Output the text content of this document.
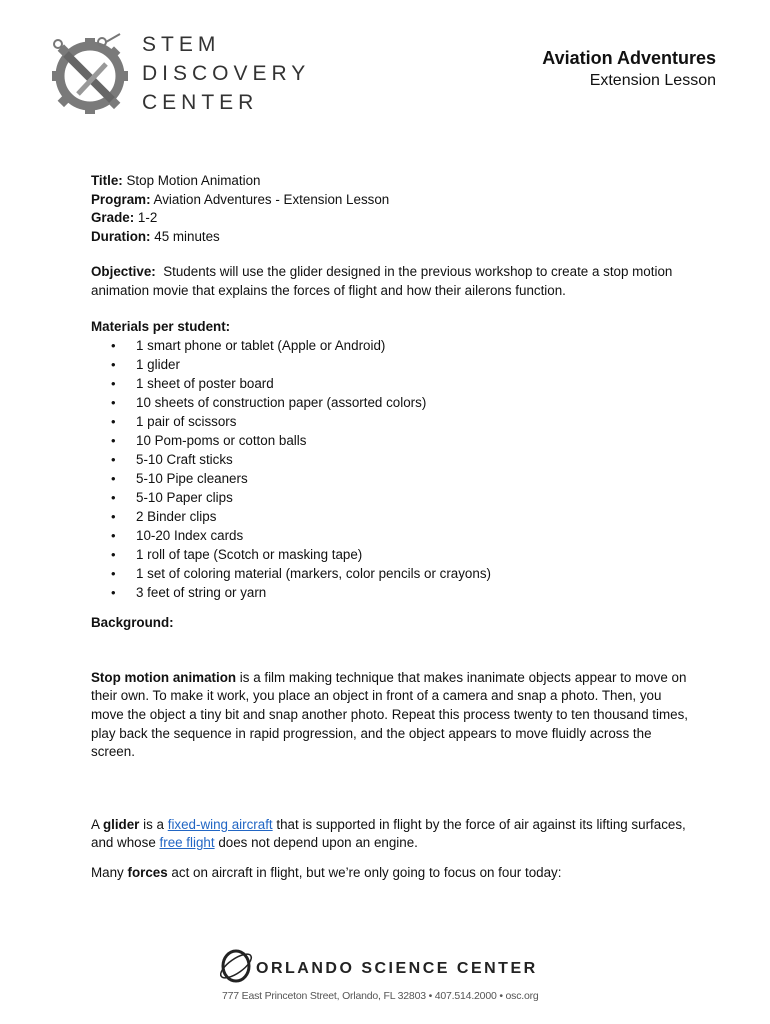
STEM
DISCOVERY
CENTER
Aviation Adventures
Extension Lesson
Title: Stop Motion Animation
Program: Aviation Adventures - Extension Lesson
Grade: 1-2
Duration: 45 minutes

Objective: Students will use the glider designed in the previous workshop to create a stop motion animation movie that explains the forces of flight and how their ailerons function.

Materials per student:
• 1 smart phone or tablet (Apple or Android)
• 1 glider
• 1 sheet of poster board
• 10 sheets of construction paper (assorted colors)
• 1 pair of scissors
• 10 Pom-poms or cotton balls
• 5-10 Craft sticks
• 5-10 Pipe cleaners
• 5-10 Paper clips
• 2 Binder clips
• 10-20 Index cards
• 1 roll of tape (Scotch or masking tape)
• 1 set of coloring material (markers, color pencils or crayons)
• 3 feet of string or yarn
Background:

Stop motion animation is a film making technique that makes inanimate objects appear to move on their own. To make it work, you place an object in front of a camera and snap a photo. Then, you move the object a tiny bit and snap another photo. Repeat this process twenty to ten thousand times, play back the sequence in rapid progression, and the object appears to move fluidly across the screen.

A glider is a fixed-wing aircraft that is supported in flight by the force of air against its lifting surfaces, and whose free flight does not depend upon an engine.

Many forces act on aircraft in flight, but we’re only going to focus on four today:

ORLANDO SCIENCE CENTER
777 East Princeton Street, Orlando, FL 32803 • 407.514.2000 • osc.org
